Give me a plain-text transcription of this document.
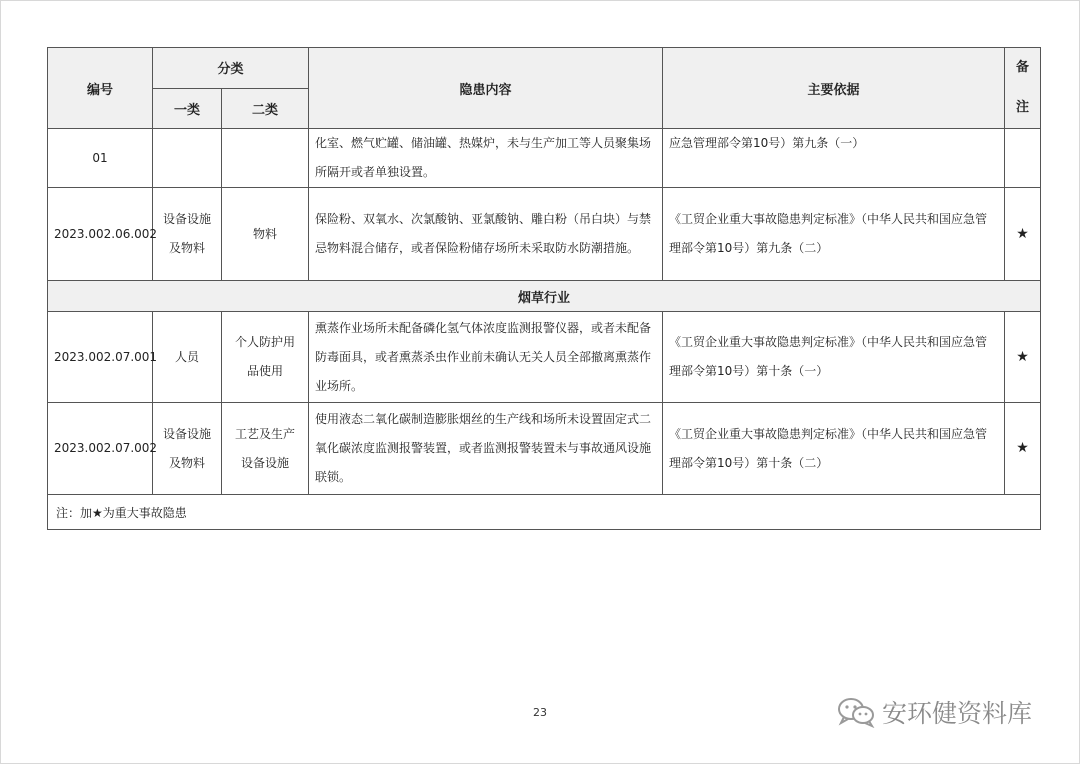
编号	分类		隐患内容	主要依据	备注
	一类	二类			
01			化室、燃气贮罐、储油罐、热媒炉，未与生产加工等人员聚集场所隔开或者单独设置。	应急管理部令第10号）第九条（一）	
2023.002.06.002	设备设施及物料	物料	保险粉、双氧水、次氯酸钠、亚氯酸钠、雕白粉（吊白块）与禁忌物料混合储存，或者保险粉储存场所未采取防水防潮措施。	《工贸企业重大事故隐患判定标准》（中华人民共和国应急管理部令第10号）第九条（二）	★
烟草行业					
2023.002.07.001	人员	个人防护用品使用	熏蒸作业场所未配备磷化氢气体浓度监测报警仪器，或者未配备防毒面具，或者熏蒸杀虫作业前未确认无关人员全部撤离熏蒸作业场所。	《工贸企业重大事故隐患判定标准》（中华人民共和国应急管理部令第10号）第十条（一）	★
2023.002.07.002	设备设施及物料	工艺及生产设备设施	使用液态二氧化碳制造膨胀烟丝的生产线和场所未设置固定式二氧化碳浓度监测报警装置，或者监测报警装置未与事故通风设施联锁。	《工贸企业重大事故隐患判定标准》（中华人民共和国应急管理部令第10号）第十条（二）	★
注：加★为重大事故隐患					
23	安环健资料库
